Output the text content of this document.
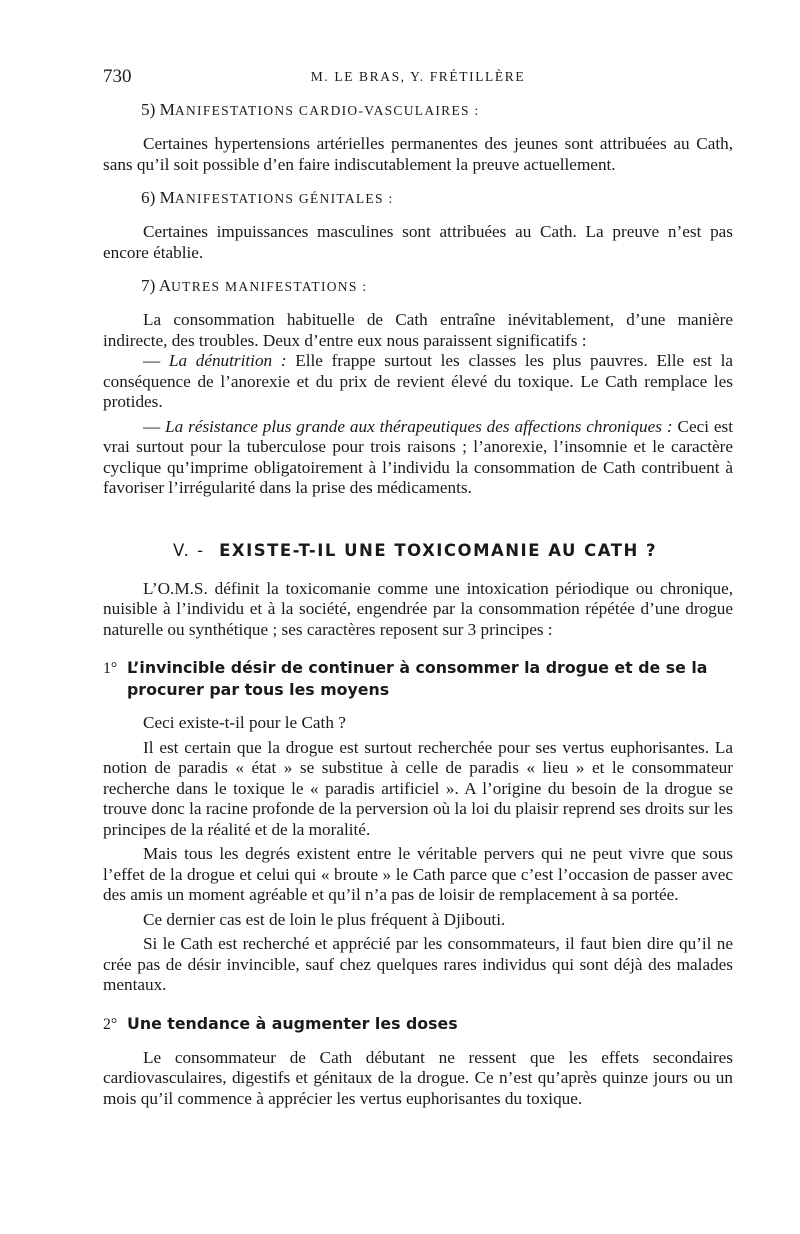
730	M. LE BRAS, Y. FRÉTILLÈRE
5) MANIFESTATIONS CARDIO-VASCULAIRES :

Certaines hypertensions artérielles permanentes des jeunes sont attribuées au Cath, sans qu’il soit possible d’en faire indiscutablement la preuve actuellement.

6) MANIFESTATIONS GÉNITALES :

Certaines impuissances masculines sont attribuées au Cath. La preuve n’est pas encore établie.

7) AUTRES MANIFESTATIONS :

La consommation habituelle de Cath entraîne inévitablement, d’une manière indirecte, des troubles. Deux d’entre eux nous paraissent significatifs :

— La dénutrition : Elle frappe surtout les classes les plus pauvres. Elle est la conséquence de l’anorexie et du prix de revient élevé du toxique. Le Cath remplace les protides.

— La résistance plus grande aux thérapeutiques des affections chroniques : Ceci est vrai surtout pour la tuberculose pour trois raisons ; l’anorexie, l’insomnie et le caractère cyclique qu’imprime obligatoirement à l’individu la consommation de Cath contribuent à favoriser l’irrégularité dans la prise des médicaments.

V. - EXISTE-T-IL UNE TOXICOMANIE AU CATH ?

L’O.M.S. définit la toxicomanie comme une intoxication périodique ou chronique, nuisible à l’individu et à la société, engendrée par la consommation répétée d’une drogue naturelle ou synthétique ; ses caractères reposent sur 3 principes :

1° L’invincible désir de continuer à consommer la drogue et de se la procurer par tous les moyens

Ceci existe-t-il pour le Cath ?

Il est certain que la drogue est surtout recherchée pour ses vertus euphorisantes. La notion de paradis « état » se substitue à celle de paradis « lieu » et le consommateur recherche dans le toxique le « paradis artificiel ». A l’origine du besoin de la drogue se trouve donc la racine profonde de la perversion où la loi du plaisir reprend ses droits sur les principes de la réalité et de la moralité.

Mais tous les degrés existent entre le véritable pervers qui ne peut vivre que sous l’effet de la drogue et celui qui « broute » le Cath parce que c’est l’occasion de passer avec des amis un moment agréable et qu’il n’a pas de loisir de remplacement à sa portée.

Ce dernier cas est de loin le plus fréquent à Djibouti.

Si le Cath est recherché et apprécié par les consommateurs, il faut bien dire qu’il ne crée pas de désir invincible, sauf chez quelques rares individus qui sont déjà des malades mentaux.

2° Une tendance à augmenter les doses

Le consommateur de Cath débutant ne ressent que les effets secondaires cardiovasculaires, digestifs et génitaux de la drogue. Ce n’est qu’après quinze jours ou un mois qu’il commence à apprécier les vertus euphorisantes du toxique.
